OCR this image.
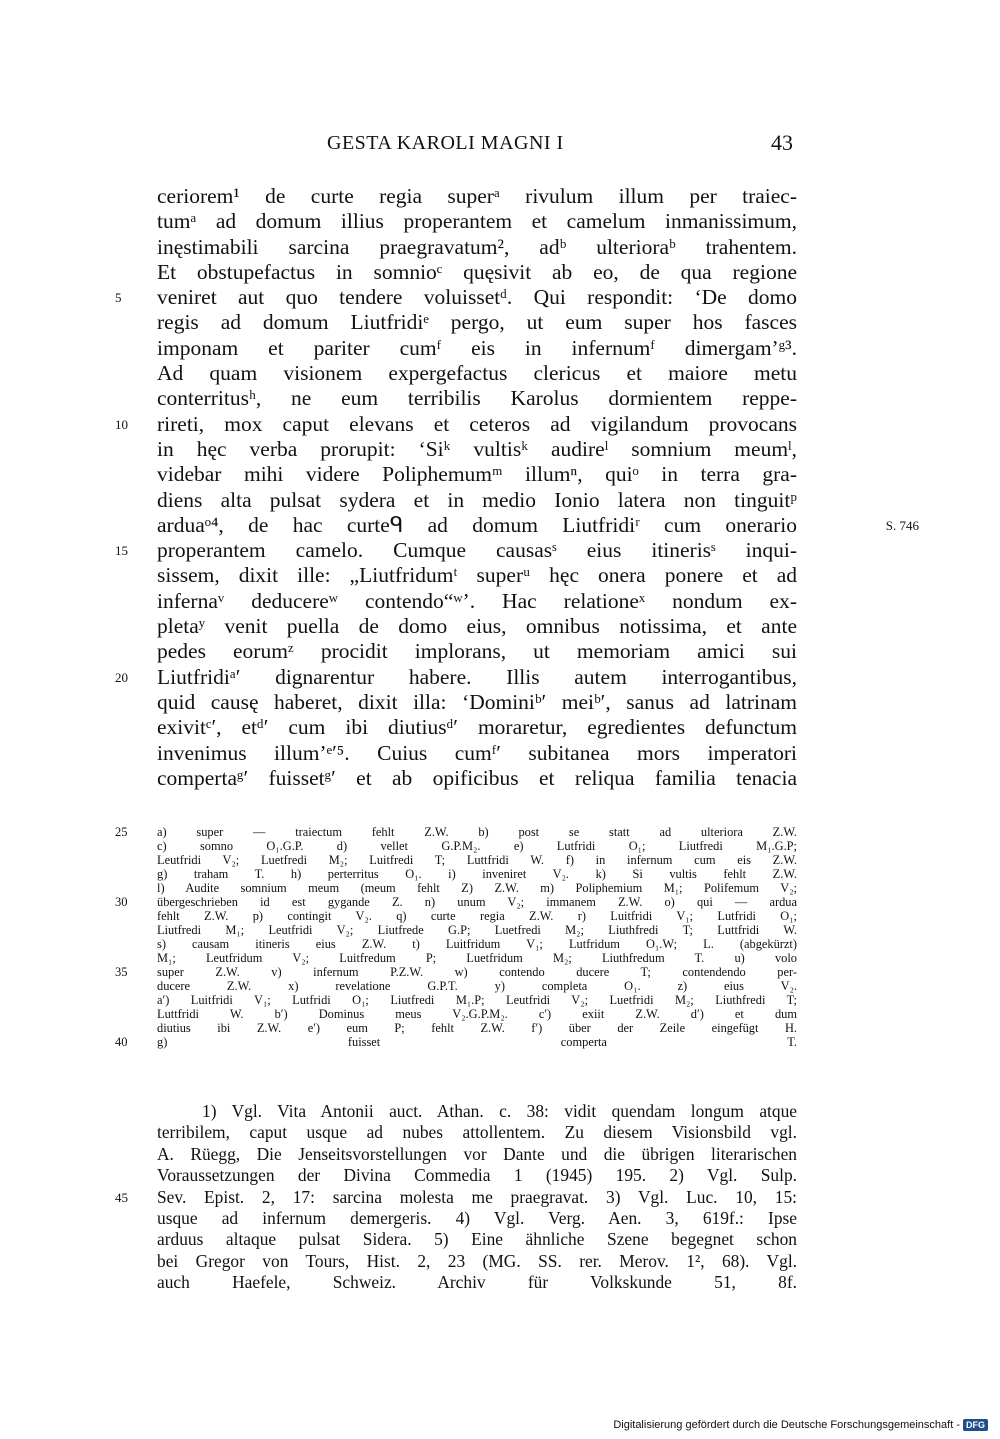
GESTA KAROLI MAGNI I	43
ceriorem¹ de curte regia superᵃ rivulum illum per traiec-
tumᵃ ad domum illius properantem et camelum inmanissimum,
inęstimabili sarcina praegravatum², adᵇ ulterioraᵇ trahentem.
Et obstupefactus in somnioᶜ quęsivit ab eo, de qua regione
5	veniret aut quo tendere voluissetᵈ. Qui respondit: ‘De domo
regis ad domum Liutfridiᵉ pergo, ut eum super hos fasces
imponam et pariter cumᶠ eis in infernumᶠ dimergam’ᵍ³.
Ad quam visionem expergefactus clericus et maiore metu
conterritusʰ, ne eum terribilis Karolus dormientem reppe-
10	rireti, mox caput elevans et ceteros ad vigilandum provocans
in hęc verba prorupit: ‘Siᵏ vultisᵏ audireˡ somnium meumˡ,
videbar mihi videre Poliphemumᵐ illumⁿ, quiᵒ in terra gra-
diens alta pulsat sydera et in medio Ionio latera non tinguitᵖ
arduaᵒ⁴, de hac curteᑫ ad domum Liutfridiʳ cum onerario	S. 746
15	properantem camelo. Cumque causasˢ eius itinerisˢ inqui-
sissem, dixit ille: „Liutfridumᵗ superᵘ hęc onera ponere et ad
infernaᵛ deducereʷ contendo“ʷ’. Hac relationeˣ nondum ex-
pletaʸ venit puella de domo eius, omnibus notissima, et ante
pedes eorumᶻ procidit implorans, ut memoriam amici sui
20	Liutfridiᵃ′ dignarentur habere. Illis autem interrogantibus,
quid causę haberet, dixit illa: ‘Dominiᵇ′ meiᵇ′, sanus ad latrinam
exivitᶜ′, etᵈ′ cum ibi diutiusᵈ′ moraretur, egredientes defunctum
invenimus illum’ᵉ′⁵. Cuius cumᶠ′ subitanea mors imperatori
compertaᵍ′ fuissetᵍ′ et ab opificibus et reliqua familia tenacia
25	a) super — traiectum fehlt Z.W. b) post se statt ad ulteriora Z.W.
c) somno O₁.G.P. d) vellet G.P.M₂. e) Lutfridi O₁; Liutfredi M₁.G.P;
Leutfridi V₂; Luetfredi M₂; Luitfredi T; Luttfridi W. f) in infernum cum eis Z.W.
g) traham T. h) perterritus O₁. i) inveniret V₂. k) Si vultis fehlt Z.W.
l) Audite somnium meum (meum fehlt Z) Z.W. m) Poliphemium M₁; Polifemum V₂;
30	übergeschrieben id est gygande Z. n) unum V₂; immanem Z.W. o) qui — ardua
fehlt Z.W. p) contingit V₂. q) curte regia Z.W. r) Luitfridi V₁; Lutfridi O₁;
Liutfredi M₁; Leutfridi V₂; Liutfrede G.P; Luetfredi M₂; Liuthfredi T; Luttfridi W.
s) causam itineris eius Z.W. t) Luitfridum V₁; Lutfridum O₁.W; L. (abgekürzt)
M₁; Leutfridum V₂; Luitfredum P; Luetfridum M₂; Liuthfredum T. u) volo
35	super Z.W. v) infernum P.Z.W. w) contendo ducere T; contendendo per-
ducere Z.W. x) revelatione G.P.T. y) completa O₁. z) eius V₂.
a′) Luitfridi V₁; Lutfridi O₁; Liutfredi M₁.P; Leutfridi V₂; Luetfridi M₂; Liuthfredi T;
Luttfridi W. b′) Dominus meus V₂.G.P.M₂. c′) exiit Z.W. d′) et dum
diutius ibi Z.W. e′) eum P; fehlt Z.W. f′) über der Zeile eingefügt H.
40	g) fuisset comperta T.
1) Vgl. Vita Antonii auct. Athan. c. 38: vidit quendam longum atque
terribilem, caput usque ad nubes attollentem. Zu diesem Visionsbild vgl.
A. Rüegg, Die Jenseitsvorstellungen vor Dante und die übrigen literarischen
Voraussetzungen der Divina Commedia 1 (1945) 195. 2) Vgl. Sulp.
45	Sev. Epist. 2, 17: sarcina molesta me praegravat. 3) Vgl. Luc. 10, 15:
usque ad infernum demergeris. 4) Vgl. Verg. Aen. 3, 619f.: Ipse
arduus altaque pulsat Sidera. 5) Eine ähnliche Szene begegnet schon
bei Gregor von Tours, Hist. 2, 23 (MG. SS. rer. Merov. 1², 68). Vgl.
auch Haefele, Schweiz. Archiv für Volkskunde 51, 8f.
Digitalisierung gefördert durch die Deutsche Forschungsgemeinschaft - DFG
